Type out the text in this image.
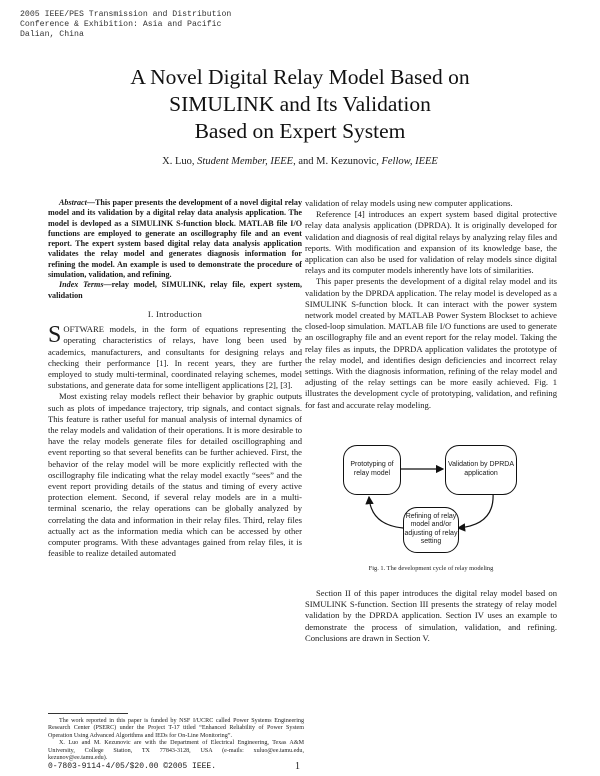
2005 IEEE/PES Transmission and Distribution
Conference & Exhibition: Asia and Pacific
Dalian, China
A Novel Digital Relay Model Based on
SIMULINK and Its Validation
Based on Expert System
X. Luo, Student Member, IEEE, and M. Kezunovic, Fellow, IEEE

Abstract—This paper presents the development of a novel digital relay model and its validation by a digital relay data analysis application. The model is devloped as a SIMULINK S-function block. MATLAB file I/O functions are employed to generate an oscillography file and an event report. The expert system based digital relay data analysis application validates the relay model and generates diagnosis information for refining the model. An example is used to demonstrate the procedure of simulation, validation, and refining.

Index Terms—relay model, SIMULINK, relay file, expert system, validation

I. Introduction

SOFTWARE models, in the form of equations representing the operating characteristics of relays, have long been used by academics, manufacturers, and consultants for designing relays and checking their performance [1]. In recent years, they are further employed to study multi-terminal, coordinated relaying schemes, model substations, and generate data for some intelligent applications [2], [3].

Most existing relay models reflect their behavior by graphic outputs such as plots of impedance trajectory, trip signals, and contact signals. This feature is rather useful for manual analysis of internal dynamics of the relay models and validation of their operations. It is more desirable to have the relay models generate files for detailed oscillographing and event reporting so that several benefits can be further achieved. First, the behavior of the relay model will be more explicitly reflected with the oscillography file indicating what the relay model exactly “sees” and the event report providing details of the status and timing of every active protection element. Second, if several relay models are in a multi-terminal scenario, the relay operations can be globally analyzed by correlating the data and information in their relay files. Third, relay files actually act as the information media which can be accessed by other computer programs. With these advantages gained from relay files, it is feasible to realize detailed automated

validation of relay models using new computer applications.

Reference [4] introduces an expert system based digital protective relay data analysis application (DPRDA). It is originally developed for validation and diagnosis of real digital relays by analyzing relay files and reports. With modification and expansion of its knowledge base, the application can also be used for validation of relay models since digital relays and its computer models inherently have lots of similarities.

This paper presents the development of a digital relay model and its validation by the DPRDA application. The relay model is developed as a SIMULINK S-function block. It can interact with the power system network model created by MATLAB Power System Blockset to achieve closed-loop simulation. MATLAB file I/O functions are used to generate an oscillography file and an event report for the relay model. Taking the relay files as inputs, the DPRDA application validates the prototype of the relay model, and identifies design deficiencies and incorrect relay settings. With the diagnosis information, refining of the relay model and adjusting of the relay settings can be more easily achieved. Fig. 1 illustrates the development cycle of prototyping, validation, and refining for fast and accurate relay modeling.

Prototyping of relay model
Validation by DPRDA application
Refining of relay model and/or adjusting of relay setting
Fig. 1. The development cycle of relay modeling

Section II of this paper introduces the digital relay model based on SIMULINK S-function. Section III presents the strategy of relay model validation by the DPRDA application. Section IV uses an example to demonstrate the process of simulation, validation, and refining. Conclusions are drawn in Section V.

The work reported in this paper is funded by NSF I/UCRC called Power Systems Engineering Research Center (PSERC) under the Project T-17 titled “Enhanced Reliability of Power System Operation Using Advanced Algorithms and IEDs for On-Line Monitoring”.

X. Luo and M. Kezunovic are with the Department of Electrical Engineering, Texas A&M University, College Station, TX 77843-3128, USA (e-mails: xuluo@ee.tamu.edu, kezunov@ee.tamu.edu).

0-7803-9114-4/05/$20.00 ©2005 IEEE.	1
